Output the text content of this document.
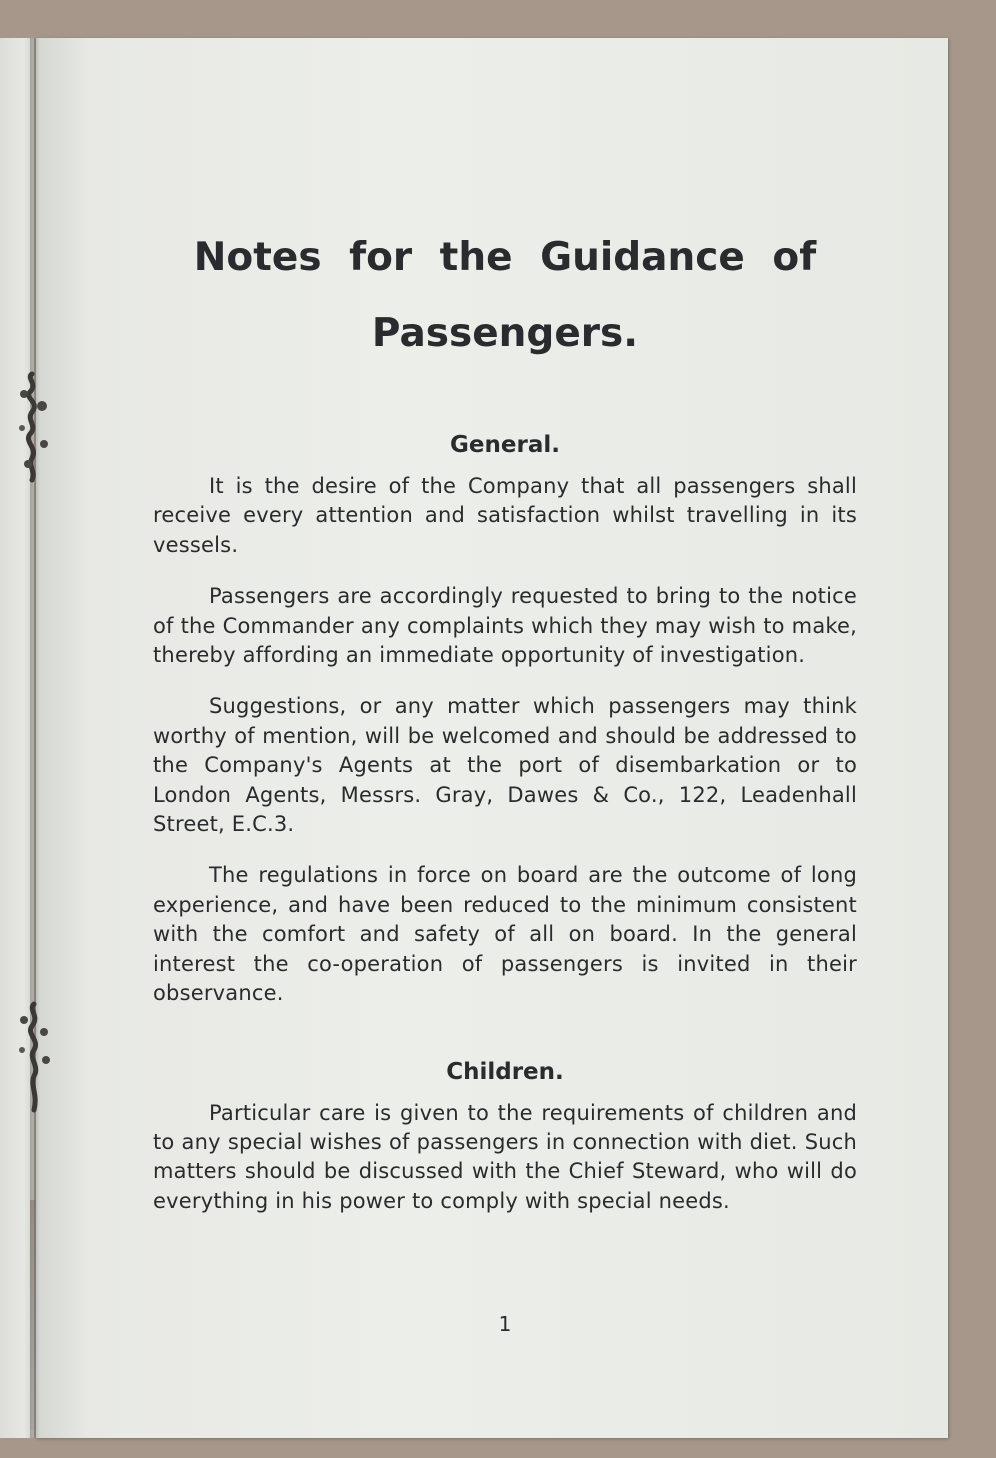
Notes for the Guidance of Passengers.
General.

It is the desire of the Company that all passengers shall receive every attention and satisfaction whilst travelling in its vessels.

Passengers are accordingly requested to bring to the notice of the Commander any complaints which they may wish to make, thereby affording an immediate opportunity of investigation.

Suggestions, or any matter which passengers may think worthy of mention, will be welcomed and should be addressed to the Company's Agents at the port of disembarkation or to London Agents, Messrs. Gray, Dawes & Co., 122, Leadenhall Street, E.C.3.

The regulations in force on board are the outcome of long experience, and have been reduced to the minimum consistent with the comfort and safety of all on board. In the general interest the co-operation of passengers is invited in their observance.

Children.

Particular care is given to the requirements of children and to any special wishes of passengers in connection with diet. Such matters should be discussed with the Chief Steward, who will do everything in his power to comply with special needs.

1
